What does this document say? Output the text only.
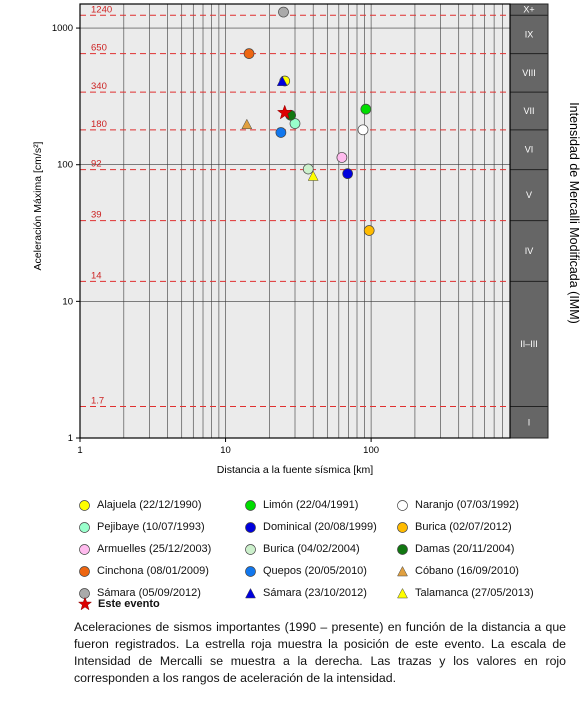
1240
650
340
180
92
39
14
1.7
X+
IX
VIII
VII
VI
V
IV
II–III
I
1	10	100
1
10
100
1000
Distancia a la fuente sísmica [km]
Aceleración Máxima [cm/s²]	Intensidad de Mercalli Modificada (IMM)
Alajuela (22/12/1990)	Limón (22/04/1991)	Naranjo (07/03/1992)
Pejibaye (10/07/1993)	Dominical (20/08/1999)	Burica (02/07/2012)
Armuelles (25/12/2003)	Burica (04/02/2004)	Damas (20/11/2004)
Cinchona (08/01/2009)	Quepos (20/05/2010)	Cóbano (16/09/2010)
Sámara (05/09/2012)	Sámara (23/10/2012)	Talamanca (27/05/2013)
Este evento
Aceleraciones de sismos importantes (1990 – presente) en función de la distancia a que fueron registrados. La estrella roja muestra la posición de este evento. La escala de Intensidad de Mercalli se muestra a la derecha. Las trazas y los valores en rojo corresponden a los rangos de aceleración de la intensidad.
